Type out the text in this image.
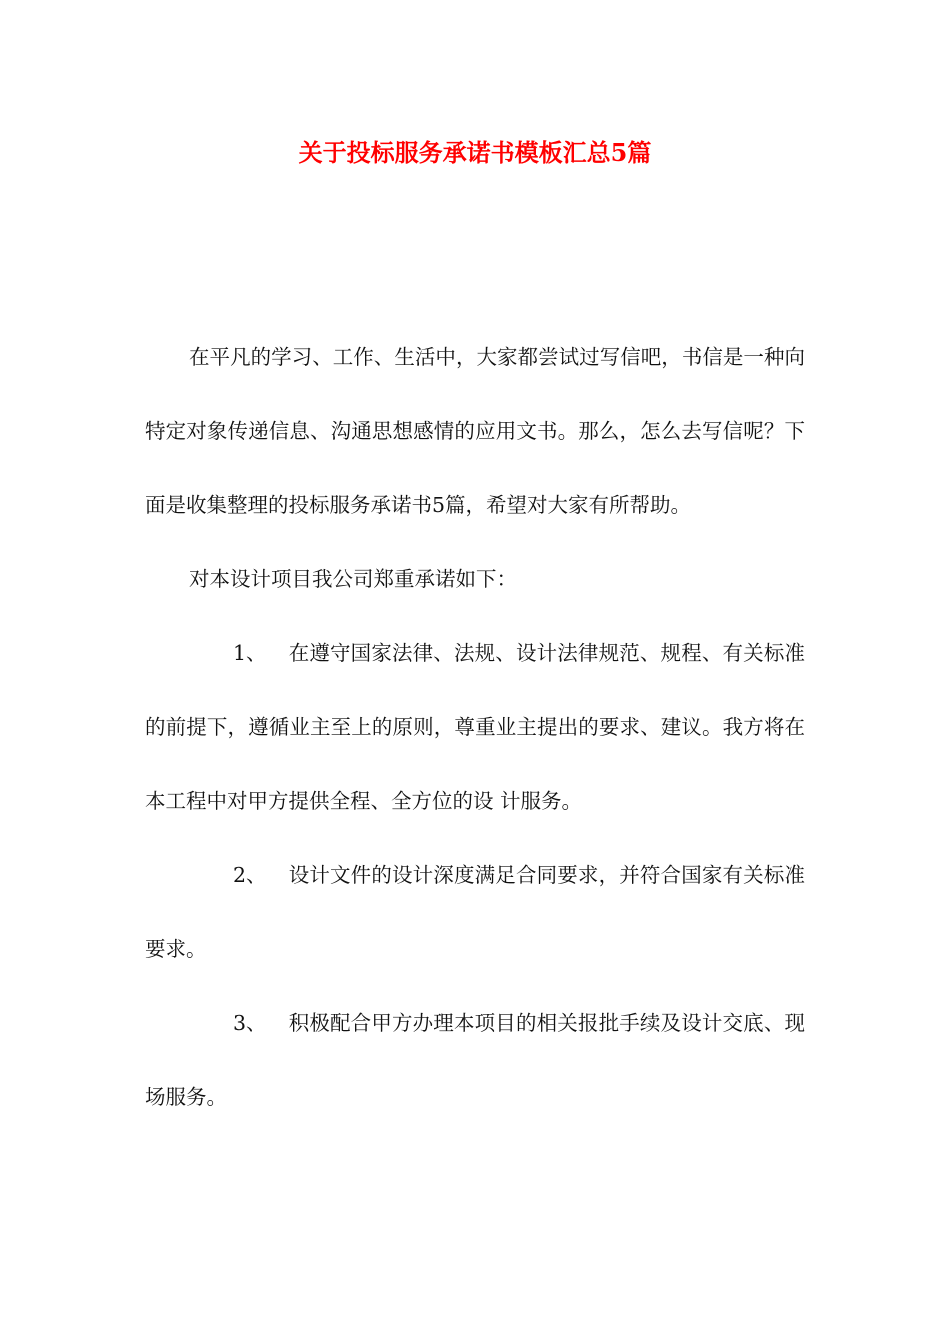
关于投标服务承诺书模板汇总5篇

在平凡的学习、工作、生活中，大家都尝试过写信吧，书信是一种向特定对象传递信息、沟通思想感情的应用文书。那么，怎么去写信呢？下面是收集整理的投标服务承诺书5篇，希望对大家有所帮助。

对本设计项目我公司郑重承诺如下：

1、 在遵守国家法律、法规、设计法律规范、规程、有关标准的前提下，遵循业主至上的原则，尊重业主提出的要求、建议。我方将在本工程中对甲方提供全程、全方位的设 计服务。

2、 设计文件的设计深度满足合同要求，并符合国家有关标准要求。

3、 积极配合甲方办理本项目的相关报批手续及设计交底、现场服务。
